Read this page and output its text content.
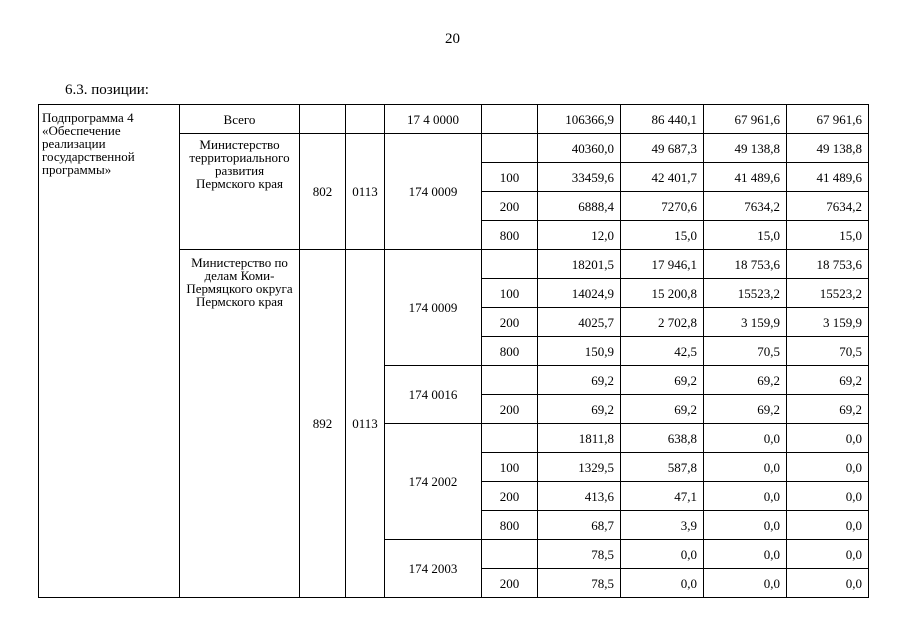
20
6.3. позиции:
Подпрограмма 4 «Обеспечение реализации государственной программы»	Всего			17 4 0000		106366,9	86 440,1	67 961,6	67 961,6
	Министерство территориального развития Пермского края	802	0113	174 0009		40360,0	49 687,3	49 138,8	49 138,8
					100	33459,6	42 401,7	41 489,6	41 489,6
					200	6888,4	7270,6	7634,2	7634,2
					800	12,0	15,0	15,0	15,0
	Министерство по делам Коми-Пермяцкого округа Пермского края	892	0113	174 0009		18201,5	17 946,1	18 753,6	18 753,6
					100	14024,9	15 200,8	15523,2	15523,2
					200	4025,7	2 702,8	3 159,9	3 159,9
					800	150,9	42,5	70,5	70,5
				174 0016		69,2	69,2	69,2	69,2
					200	69,2	69,2	69,2	69,2
				174 2002		1811,8	638,8	0,0	0,0
					100	1329,5	587,8	0,0	0,0
					200	413,6	47,1	0,0	0,0
					800	68,7	3,9	0,0	0,0
				174 2003		78,5	0,0	0,0	0,0
					200	78,5	0,0	0,0	0,0
